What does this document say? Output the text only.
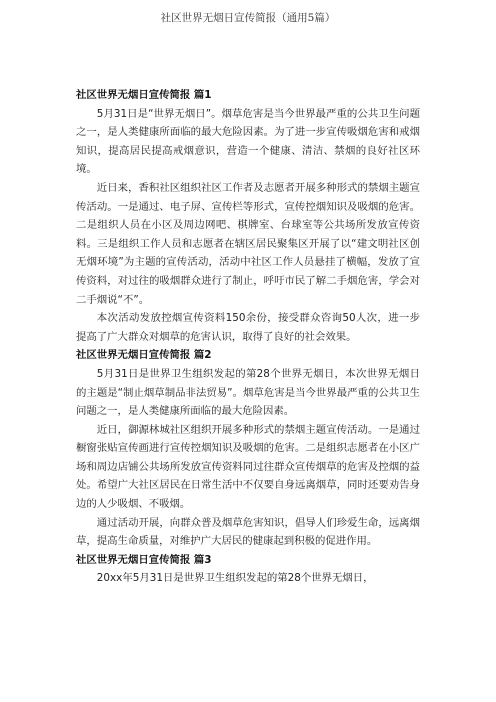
社区世界无烟日宣传简报（通用5篇）
社区世界无烟日宣传简报 篇1

5月31日是“世界无烟日”。烟草危害是当今世界最严重的公共卫生问题之一，是人类健康所面临的最大危险因素。为了进一步宣传吸烟危害和戒烟知识，提高居民提高戒烟意识，营造一个健康、清洁、禁烟的良好社区环境。

近日来，香积社区组织社区工作者及志愿者开展多种形式的禁烟主题宣传活动。一是通过、电子屏、宣传栏等形式，宣传控烟知识及吸烟的危害。二是组织人员在小区及周边网吧、棋牌室、台球室等公共场所发放宣传资料。三是组织工作人员和志愿者在辖区居民聚集区开展了以“建文明社区创无烟环境”为主题的宣传活动，活动中社区工作人员悬挂了横幅，发放了宣传资料，对过往的吸烟群众进行了制止，呼吁市民了解二手烟危害，学会对二手烟说“不”。

本次活动发放控烟宣传资料150余份，接受群众咨询50人次，进一步提高了广大群众对烟草的危害认识，取得了良好的社会效果。

社区世界无烟日宣传简报 篇2

5月31日是世界卫生组织发起的第28个世界无烟日，本次世界无烟日的主题是“制止烟草制品非法贸易”。烟草危害是当今世界最严重的公共卫生问题之一，是人类健康所面临的最大危险因素。

近日，御源林城社区组织开展多种形式的禁烟主题宣传活动。一是通过橱窗张贴宣传画进行宣传控烟知识及吸烟的危害。二是组织志愿者在小区广场和周边店铺公共场所发放宣传资料同过往群众宣传烟草的危害及控烟的益处。希望广大社区居民在日常生活中不仅要自身远离烟草，同时还要劝告身边的人少吸烟、不吸烟。

通过活动开展，向群众普及烟草危害知识，倡导人们珍爱生命，远离烟草，提高生命质量，对维护广大居民的健康起到积极的促进作用。

社区世界无烟日宣传简报 篇3

20xx年5月31日是世界卫生组织发起的第28个世界无烟日，
